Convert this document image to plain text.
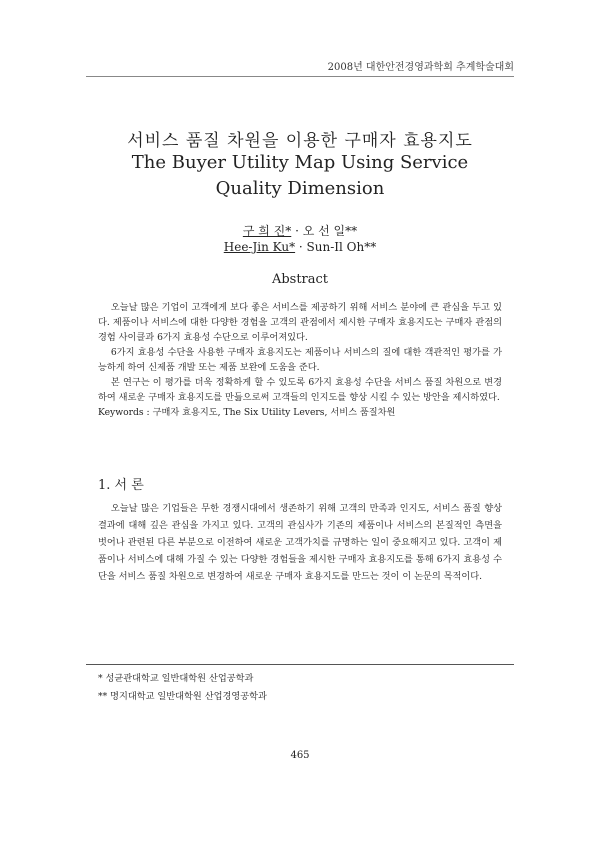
2008년 대한안전경영과학회 추계학술대회
서비스 품질 차원을 이용한 구매자 효용지도
The Buyer Utility Map Using Service
Quality Dimension
구 희 진* · 오 선 일**
Hee-Jin Ku* · Sun-Il Oh**
Abstract

오늘날 많은 기업이 고객에게 보다 좋은 서비스를 제공하기 위해 서비스 분야에 큰 관심을 두고 있다. 제품이나 서비스에 대한 다양한 경험을 고객의 관점에서 제시한 구매자 효용지도는 구매자 관점의 경험 사이클과 6가지 효용성 수단으로 이루어져있다.

6가지 효용성 수단을 사용한 구매자 효용지도는 제품이나 서비스의 질에 대한 객관적인 평가를 가능하게 하여 신제품 개발 또는 제품 보완에 도움을 준다.

본 연구는 이 평가를 더욱 정확하게 할 수 있도록 6가지 효용성 수단을 서비스 품질 차원으로 변경하여 새로운 구매자 효용지도를 만듦으로써 고객들의 인지도를 향상 시킬 수 있는 방안을 제시하였다.

Keywords : 구매자 효용지도, The Six Utility Levers, 서비스 품질차원

1. 서 론

오늘날 많은 기업들은 무한 경쟁시대에서 생존하기 위해 고객의 만족과 인지도, 서비스 품질 향상 결과에 대해 깊은 관심을 가지고 있다. 고객의 관심사가 기존의 제품이나 서비스의 본질적인 측면을 벗어나 관련된 다른 부분으로 이전하여 새로운 고객가치를 규명하는 일이 중요해지고 있다. 고객이 제품이나 서비스에 대해 가질 수 있는 다양한 경험들을 제시한 구매자 효용지도를 통해 6가지 효용성 수단을 서비스 품질 차원으로 변경하여 새로운 구매자 효용지도를 만드는 것이 이 논문의 목적이다.

* 성균관대학교 일반대학원 산업공학과
** 명지대학교 일반대학원 산업경영공학과
465
